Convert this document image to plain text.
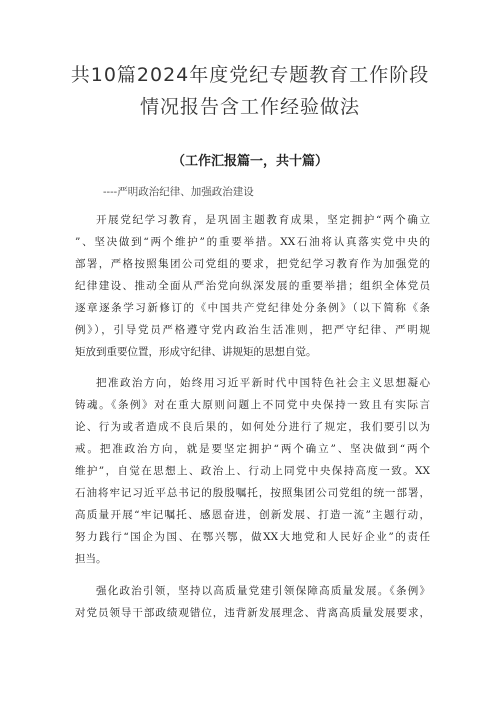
共10篇2024年度党纪专题教育工作阶段
情况报告含工作经验做法
（工作汇报篇一，共十篇）
----严明政治纪律、加强政治建设
开展党纪学习教育，是巩固主题教育成果，坚定拥护“两个确立
”、坚决做到“两个维护”的重要举措。XX石油将认真落实党中央的
部署，严格按照集团公司党组的要求，把党纪学习教育作为加强党的
纪律建设、推动全面从严治党向纵深发展的重要举措；组织全体党员
逐章逐条学习新修订的《中国共产党纪律处分条例》（以下简称《条
例》），引导党员严格遵守党内政治生活准则，把严守纪律、严明规
矩放到重要位置，形成守纪律、讲规矩的思想自觉。
把准政治方向，始终用习近平新时代中国特色社会主义思想凝心
铸魂。《条例》对在重大原则问题上不同党中央保持一致且有实际言
论、行为或者造成不良后果的，如何处分进行了规定，我们要引以为
戒。把准政治方向，就是要坚定拥护“两个确立”、坚决做到“两个
维护”，自觉在思想上、政治上、行动上同党中央保持高度一致。XX
石油将牢记习近平总书记的殷殷嘱托，按照集团公司党组的统一部署，
高质量开展“牢记嘱托、感恩奋进，创新发展、打造一流”主题行动，
努力践行“国企为国、在鄂兴鄂，做XX大地党和人民好企业”的责任
担当。
强化政治引领，坚持以高质量党建引领保障高质量发展。《条例》
对党员领导干部政绩观错位，违背新发展理念、背离高质量发展要求，
